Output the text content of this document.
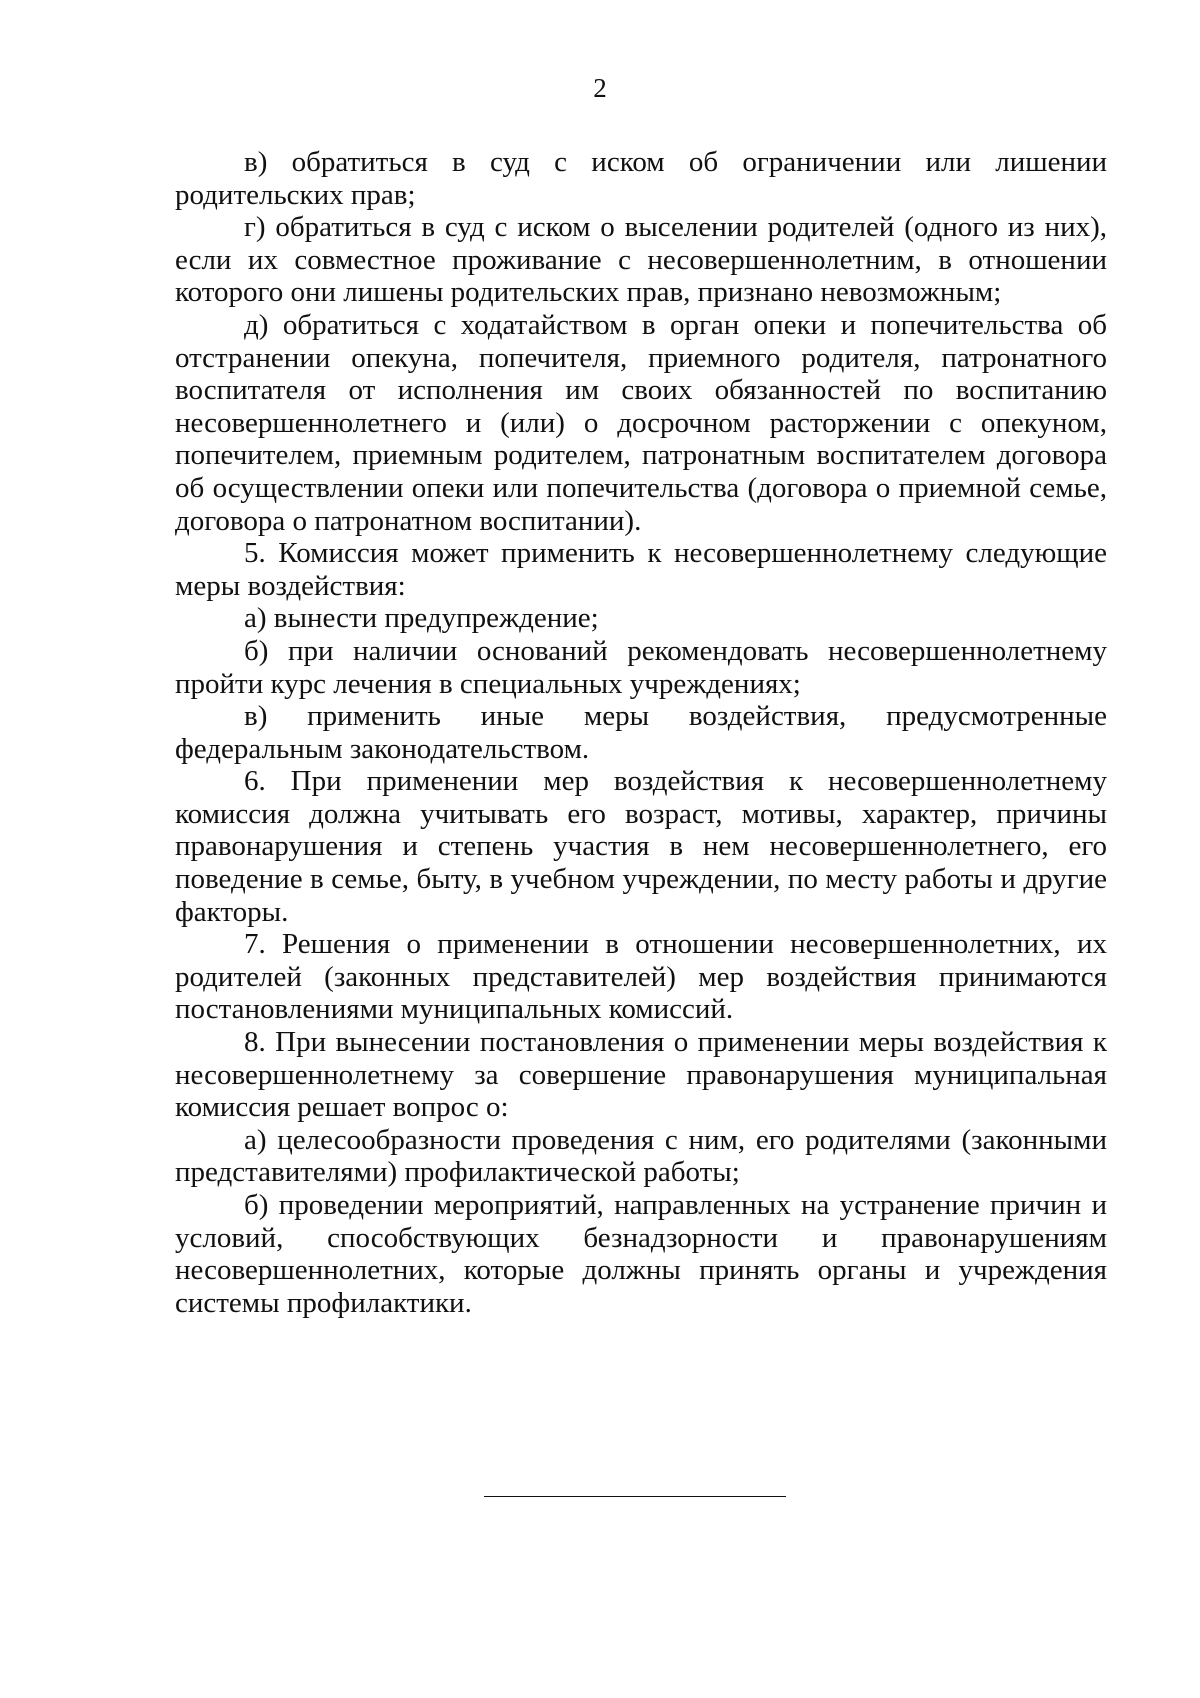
2

в) обратиться в суд с иском об ограничении или лишении родительских прав;

г) обратиться в суд с иском о выселении родителей (одного из них), если их совместное проживание с несовершеннолетним, в отношении которого они лишены родительских прав, признано невозможным;

д) обратиться с ходатайством в орган опеки и попечительства об отстранении опекуна, попечителя, приемного родителя, патронатного воспитателя от исполнения им своих обязанностей по воспитанию несовершеннолетнего и (или) о досрочном расторжении с опекуном, попечителем, приемным родителем, патронатным воспитателем договора об осуществлении опеки или попечительства (договора о приемной семье, договора о патронатном воспитании).

5. Комиссия может применить к несовершеннолетнему следующие меры воздействия:

а) вынести предупреждение;

б) при наличии оснований рекомендовать несовершеннолетнему пройти курс лечения в специальных учреждениях;

в) применить иные меры воздействия, предусмотренные федеральным законодательством.

6. При применении мер воздействия к несовершеннолетнему комиссия должна учитывать его возраст, мотивы, характер, причины правонарушения и степень участия в нем несовершеннолетнего, его поведение в семье, быту, в учебном учреждении, по месту работы и другие факторы.

7. Решения о применении в отношении несовершеннолетних, их родителей (законных представителей) мер воздействия принимаются постановлениями муниципальных комиссий.

8. При вынесении постановления о применении меры воздействия к несовершеннолетнему за совершение правонарушения муниципальная комиссия решает вопрос о:

а) целесообразности проведения с ним, его родителями (законными представителями) профилактической работы;

б) проведении мероприятий, направленных на устранение причин и условий, способствующих безнадзорности и правонарушениям несовершеннолетних, которые должны принять органы и учреждения системы профилактики.
